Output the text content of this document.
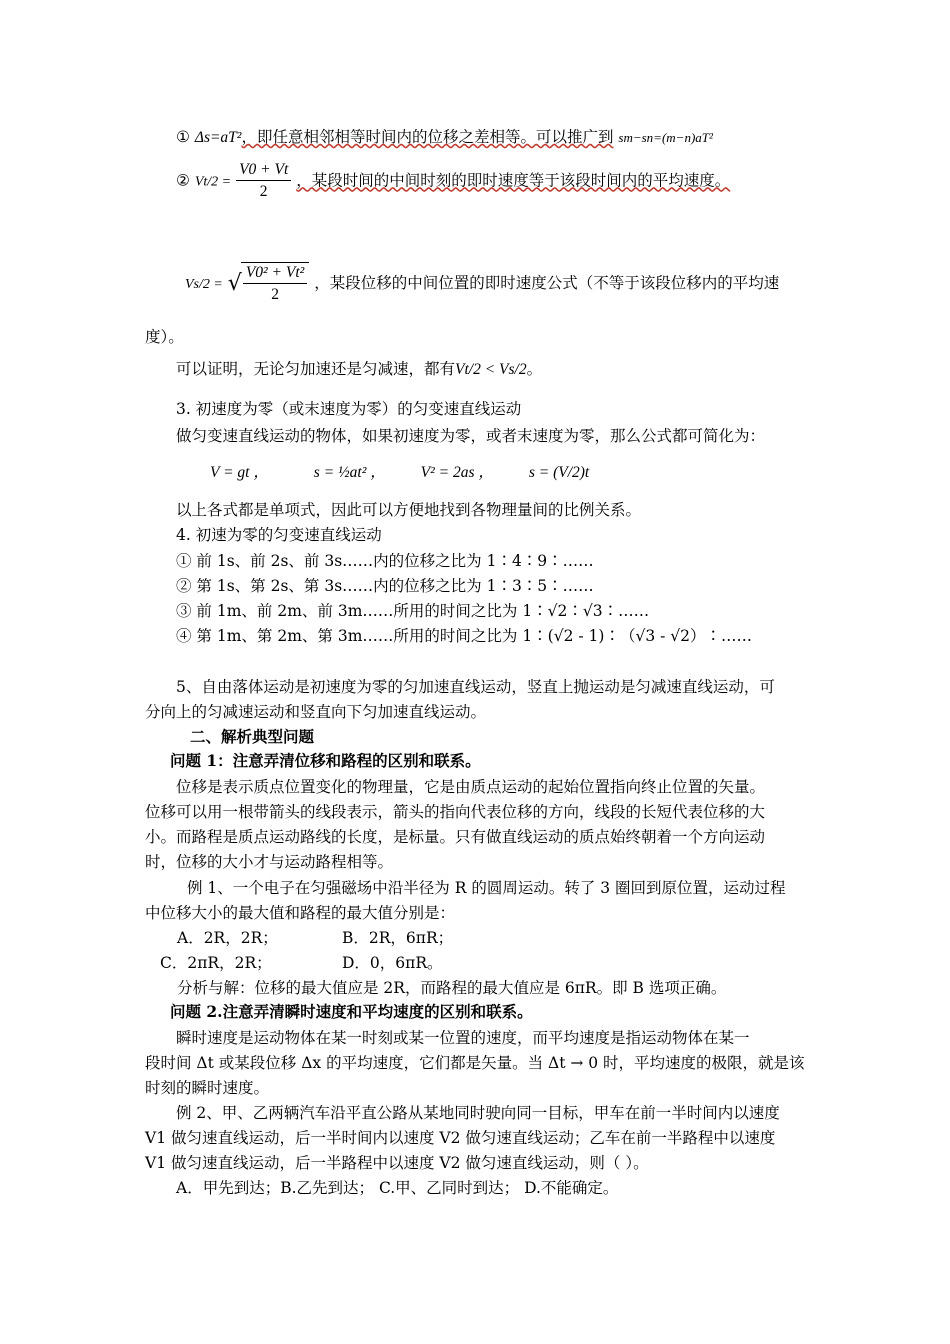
① Δs=aT²，即任意相邻相等时间内的位移之差相等。可以推广到 sm−sn=(m−n)aT²
② $Vt/2 = \frac{V0 + Vt}{2}$ ，某段时间的中间时刻的即时速度等于该段时间内的平均速度。
Vs/2 = √ $\frac{\text{V0² + Vt²}}{2}$ ，某段位移的中间位置的即时速度公式（不等于该段位移内的平均速
度）。
可以证明，无论匀加速还是匀减速，都有Vt/2 < Vs/2。
3. 初速度为零（或末速度为零）的匀变速直线运动
做匀变速直线运动的物体，如果初速度为零，或者末速度为零，那么公式都可简化为：
V = gt ，	s = ½at² ， V² = 2as ， s = (V/2)t
以上各式都是单项式，因此可以方便地找到各物理量间的比例关系。
4. 初速为零的匀变速直线运动
① 前 1s、前 2s、前 3s……内的位移之比为 1∶4∶9∶……
② 第 1s、第 2s、第 3s……内的位移之比为 1∶3∶5∶……
③ 前 1m、前 2m、前 3m……所用的时间之比为 1∶√2∶√3∶……
④ 第 1m、第 2m、第 3m……所用的时间之比为 1∶(√2 - 1)∶（√3 - √2）∶……
5、自由落体运动是初速度为零的匀加速直线运动，竖直上抛运动是匀减速直线运动，可
分向上的匀减速运动和竖直向下匀加速直线运动。
二、解析典型问题
问题 1：注意弄清位移和路程的区别和联系。
位移是表示质点位置变化的物理量，它是由质点运动的起始位置指向终止位置的矢量。
位移可以用一根带箭头的线段表示，箭头的指向代表位移的方向，线段的长短代表位移的大
小。而路程是质点运动路线的长度，是标量。只有做直线运动的质点始终朝着一个方向运动
时，位移的大小才与运动路程相等。
例 1、一个电子在匀强磁场中沿半径为 R 的圆周运动。转了 3 圈回到原位置，运动过程
中位移大小的最大值和路程的最大值分别是：
A．2R，2R；	B．2R，6πR；
C．2πR，2R；	D．0，6πR。
分析与解：位移的最大值应是 2R，而路程的最大值应是 6πR。即 B 选项正确。
问题 2.注意弄清瞬时速度和平均速度的区别和联系。
瞬时速度是运动物体在某一时刻或某一位置的速度，而平均速度是指运动物体在某一
段时间 Δt 或某段位移 Δx 的平均速度，它们都是矢量。当 Δt → 0 时，平均速度的极限，就是该
时刻的瞬时速度。
例 2、甲、乙两辆汽车沿平直公路从某地同时驶向同一目标，甲车在前一半时间内以速度
V1 做匀速直线运动，后一半时间内以速度 V2 做匀速直线运动；乙车在前一半路程中以速度
V1 做匀速直线运动，后一半路程中以速度 V2 做匀速直线运动，则（ ）。
A．甲先到达；B.乙先到达； C.甲、乙同时到达； D.不能确定。
